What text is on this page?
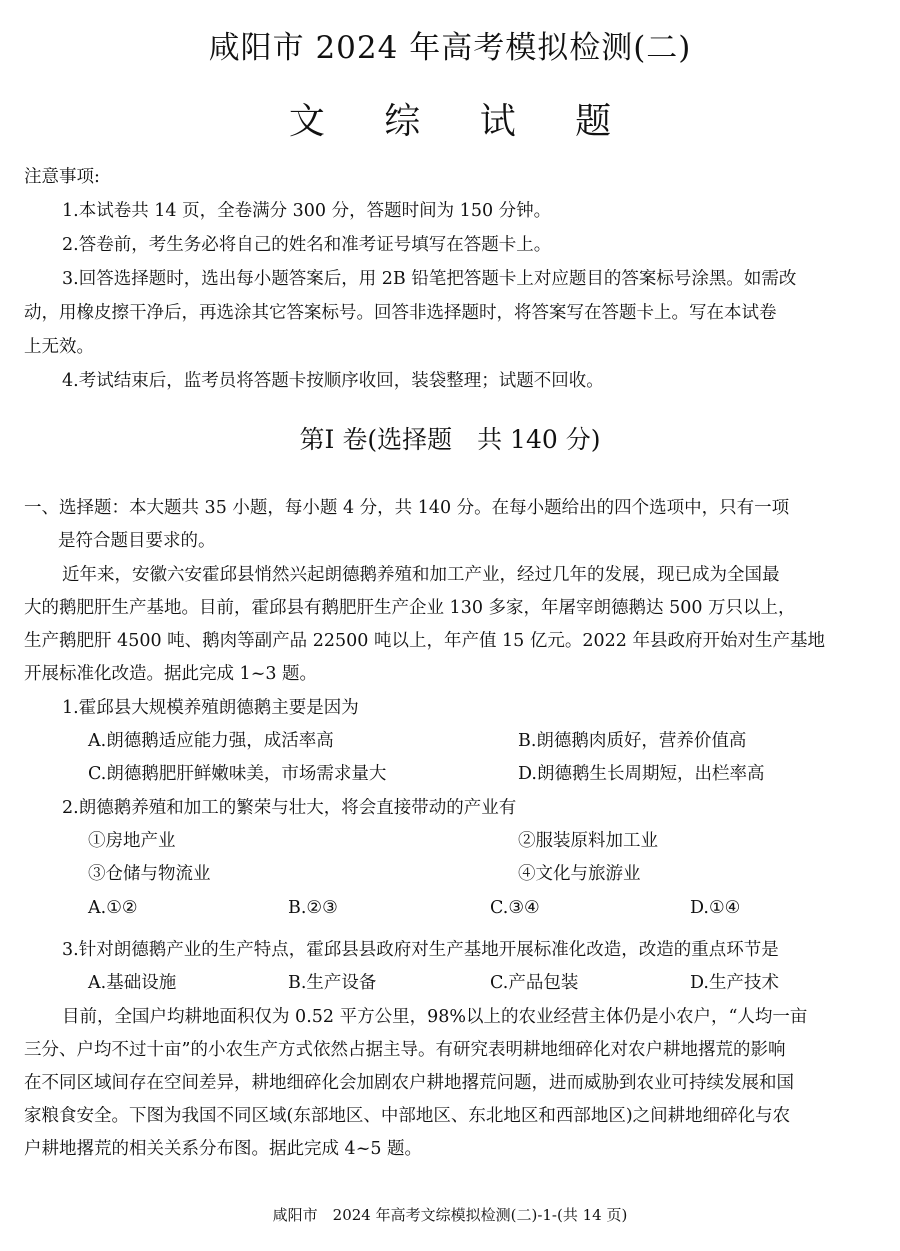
咸阳市 2024 年高考模拟检测(二)
文 综 试 题
注意事项:
1.本试卷共 14 页，全卷满分 300 分，答题时间为 150 分钟。
2.答卷前，考生务必将自己的姓名和准考证号填写在答题卡上。
3.回答选择题时，选出每小题答案后，用 2B 铅笔把答题卡上对应题目的答案标号涂黑。如需改
动，用橡皮擦干净后，再选涂其它答案标号。回答非选择题时，将答案写在答题卡上。写在本试卷
上无效。
4.考试结束后，监考员将答题卡按顺序收回，装袋整理；试题不回收。
第Ⅰ 卷(选择题　共 140 分)
一、选择题：本大题共 35 小题，每小题 4 分，共 140 分。在每小题给出的四个选项中，只有一项
是符合题目要求的。
近年来，安徽六安霍邱县悄然兴起朗德鹅养殖和加工产业，经过几年的发展，现已成为全国最
大的鹅肥肝生产基地。目前，霍邱县有鹅肥肝生产企业 130 多家，年屠宰朗德鹅达 500 万只以上，
生产鹅肥肝 4500 吨、鹅肉等副产品 22500 吨以上，年产值 15 亿元。2022 年县政府开始对生产基地
开展标准化改造。据此完成 1~3 题。
1.霍邱县大规模养殖朗德鹅主要是因为
A.朗德鹅适应能力强，成活率高	B.朗德鹅肉质好，营养价值高
C.朗德鹅肥肝鲜嫩味美，市场需求量大	D.朗德鹅生长周期短，出栏率高
2.朗德鹅养殖和加工的繁荣与壮大，将会直接带动的产业有
①房地产业	②服装原料加工业
③仓储与物流业	④文化与旅游业
A.①②	B.②③	C.③④	D.①④
3.针对朗德鹅产业的生产特点，霍邱县县政府对生产基地开展标准化改造，改造的重点环节是
A.基础设施	B.生产设备	C.产品包装	D.生产技术
目前，全国户均耕地面积仅为 0.52 平方公里，98%以上的农业经营主体仍是小农户，“人均一亩
三分、户均不过十亩”的小农生产方式依然占据主导。有研究表明耕地细碎化对农户耕地撂荒的影响
在不同区域间存在空间差异，耕地细碎化会加剧农户耕地撂荒问题，进而威胁到农业可持续发展和国
家粮食安全。下图为我国不同区域(东部地区、中部地区、东北地区和西部地区)之间耕地细碎化与农
户耕地撂荒的相关关系分布图。据此完成 4~5 题。
咸阳市　2024 年高考文综模拟检测(二)-1-(共 14 页)
